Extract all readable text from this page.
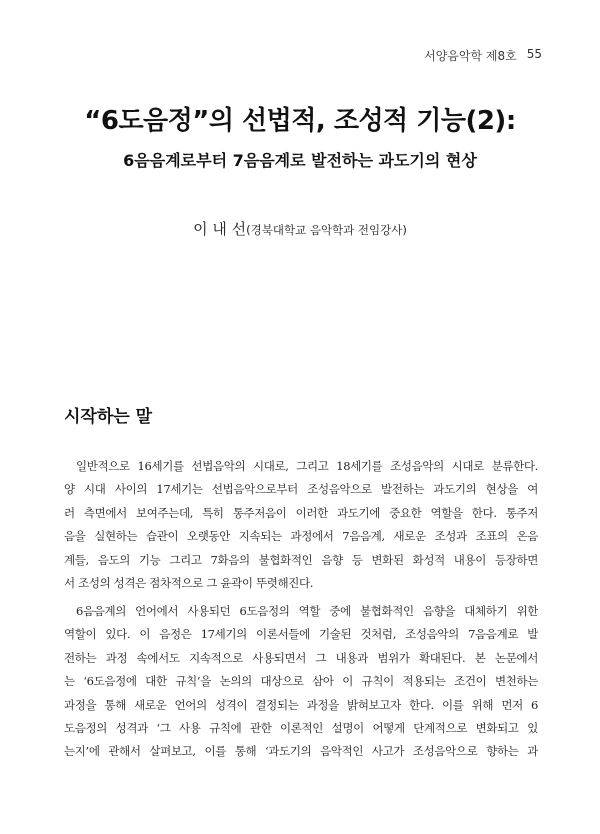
서양음악학 제8호 55
“6도음정”의 선법적, 조성적 기능(2):
6음음계로부터 7음음계로 발전하는 과도기의 현상
이 내 선(경북대학교 음악학과 전임강사)
시작하는 말
일반적으로 16세기를 선법음악의 시대로, 그리고 18세기를 조성음악의 시대로 분류한다.
양 시대 사이의 17세기는 선법음악으로부터 조성음악으로 발전하는 과도기의 현상을 여
러 측면에서 보여주는데, 특히 통주저음이 이러한 과도기에 중요한 역할을 한다. 통주저
음을 실현하는 습관이 오랫동안 지속되는 과정에서 7음음계, 새로운 조성과 조표의 온음
계들, 음도의 기능 그리고 7화음의 불협화적인 음향 등 변화된 화성적 내용이 등장하면
서 조성의 성격은 점차적으로 그 윤곽이 뚜렷해진다.
6음음계의 언어에서 사용되던 6도음정의 역할 중에 불협화적인 음향을 대체하기 위한
역할이 있다. 이 음정은 17세기의 이론서들에 기술된 것처럼, 조성음악의 7음음계로 발
전하는 과정 속에서도 지속적으로 사용되면서 그 내용과 범위가 확대된다. 본 논문에서
는 ‘6도음정에 대한 규칙’을 논의의 대상으로 삼아 이 규칙이 적용되는 조건이 변천하는
과정을 통해 새로운 언어의 성격이 결정되는 과정을 밝혀보고자 한다. 이를 위해 먼저 6
도음정의 성격과 ‘그 사용 규칙에 관한 이론적인 설명이 어떻게 단계적으로 변화되고 있
는지’에 관해서 살펴보고, 이를 통해 ‘과도기의 음악적인 사고가 조성음악으로 향하는 과
